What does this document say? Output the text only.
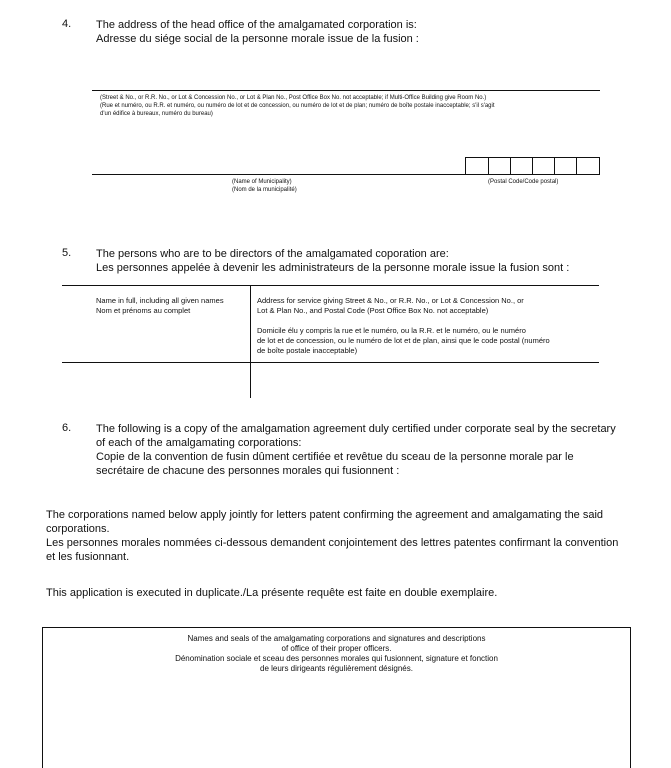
4. The address of the head office of the amalgamated corporation is:
Adresse du siége social de la personne morale issue de la fusion :
(Street & No., or R.R. No., or Lot & Concession No., or Lot & Plan No., Post Office Box No. not acceptable; if Multi-Office Building give Room No.)
(Rue et numéro, ou R.R. et numéro, ou numéro de lot et de concession, ou numéro de lot et de plan; numéro de boîte postale inacceptable; s'il s'agit
d'un édifice à bureaux, numéro du bureau)
(Name of Municipality)
(Nom de la municipalité)
(Postal Code/Code postal)
5. The persons who are to be directors of the amalgamated coporation are:
Les personnes appelée à devenir les administrateurs de la personne morale issue la fusion sont :
Name in full, including all given names
Nom et prénoms au complet
Address for service giving Street & No., or R.R. No., or Lot & Concession No., or
Lot & Plan No., and Postal Code (Post Office Box No. not acceptable)
Domicile élu y compris la rue et le numéro, ou la R.R. et le numéro, ou le numéro
de lot et de concession, ou le numéro de lot et de plan, ainsi que le code postal (numéro
de boîte postale inacceptable)
6. The following is a copy of the amalgamation agreement duly certified under corporate seal by the secretary
of each of the amalgamating corporations:
Copie de la convention de fusin dûment certifiée et revêtue du sceau de la personne morale par le
secrétaire de chacune des personnes morales qui fusionnent :
The corporations named below apply jointly for letters patent confirming the agreement and amalgamating the said
corporations.
Les personnes morales nommées ci-dessous demandent conjointement des lettres patentes confirmant la convention
et les fusionnant.
This application is executed in duplicate./La présente requête est faite en double exemplaire.
Names and seals of the amalgamating corporations and signatures and descriptions
of office of their proper officers.
Dénomination sociale et sceau des personnes morales qui fusionnent, signature et fonction
de leurs dirigeants régulièrement désignés.
